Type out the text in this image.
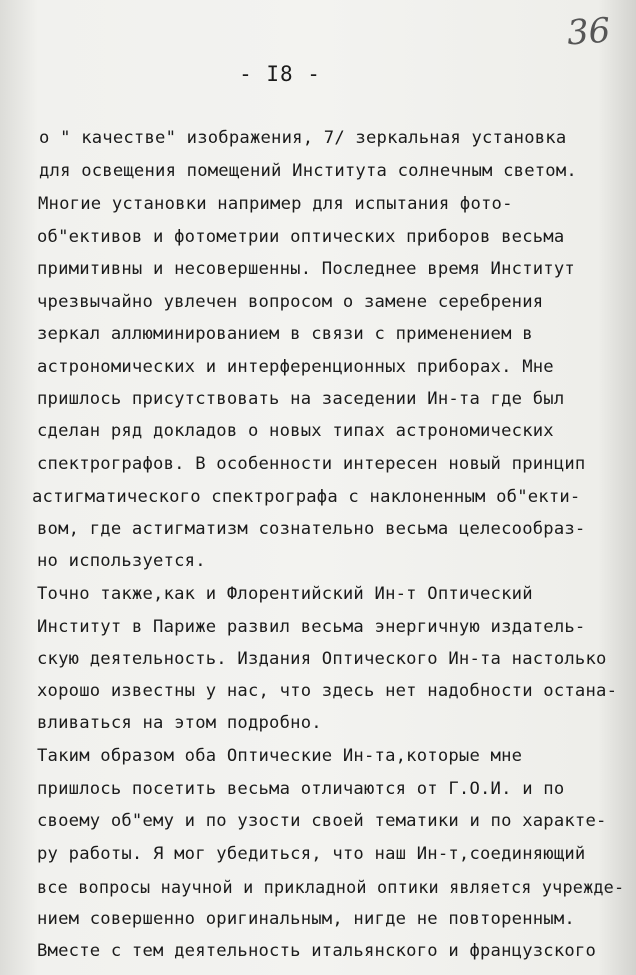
36
- I8 -
о " качестве" изображения, 7/ зеркальная установка
для освещения помещений Института солнечным светом.
Многие установки например для испытания фото-
об"ективов и фотометрии оптических приборов весьма
примитивны и несовершенны. Последнее время Институт
чрезвычайно увлечен вопросом о замене серебрения
зеркал аллюминированием в связи с применением в
астрономических и интерференционных приборах. Мне
пришлось присутствовать на заседении Ин-та где был
сделан ряд докладов о новых типах астрономических
спектрографов. В особенности интересен новый принцип
астигматического спектрографа с наклоненным об"екти-
вом, где астигматизм сознательно весьма целесообраз-
но используется.
Точно также,как и Флорентийский Ин-т Оптический
Институт в Париже развил весьма энергичную издатель-
скую деятельность. Издания Оптического Ин-та настолько
хорошо известны у нас, что здесь нет надобности остана-
вливаться на этом подробно.
Таким образом оба Оптические Ин-та,которые мне
пришлось посетить весьма отличаются от Г.О.И. и по
своему об"ему и по узости своей тематики и по характе-
ру работы. Я мог убедиться, что наш Ин-т,соединяющий
все вопросы научной и прикладной оптики является учрежде-
нием совершенно оригинальным, нигде не повторенным.
Вместе с тем деятельность итальянского и французского
